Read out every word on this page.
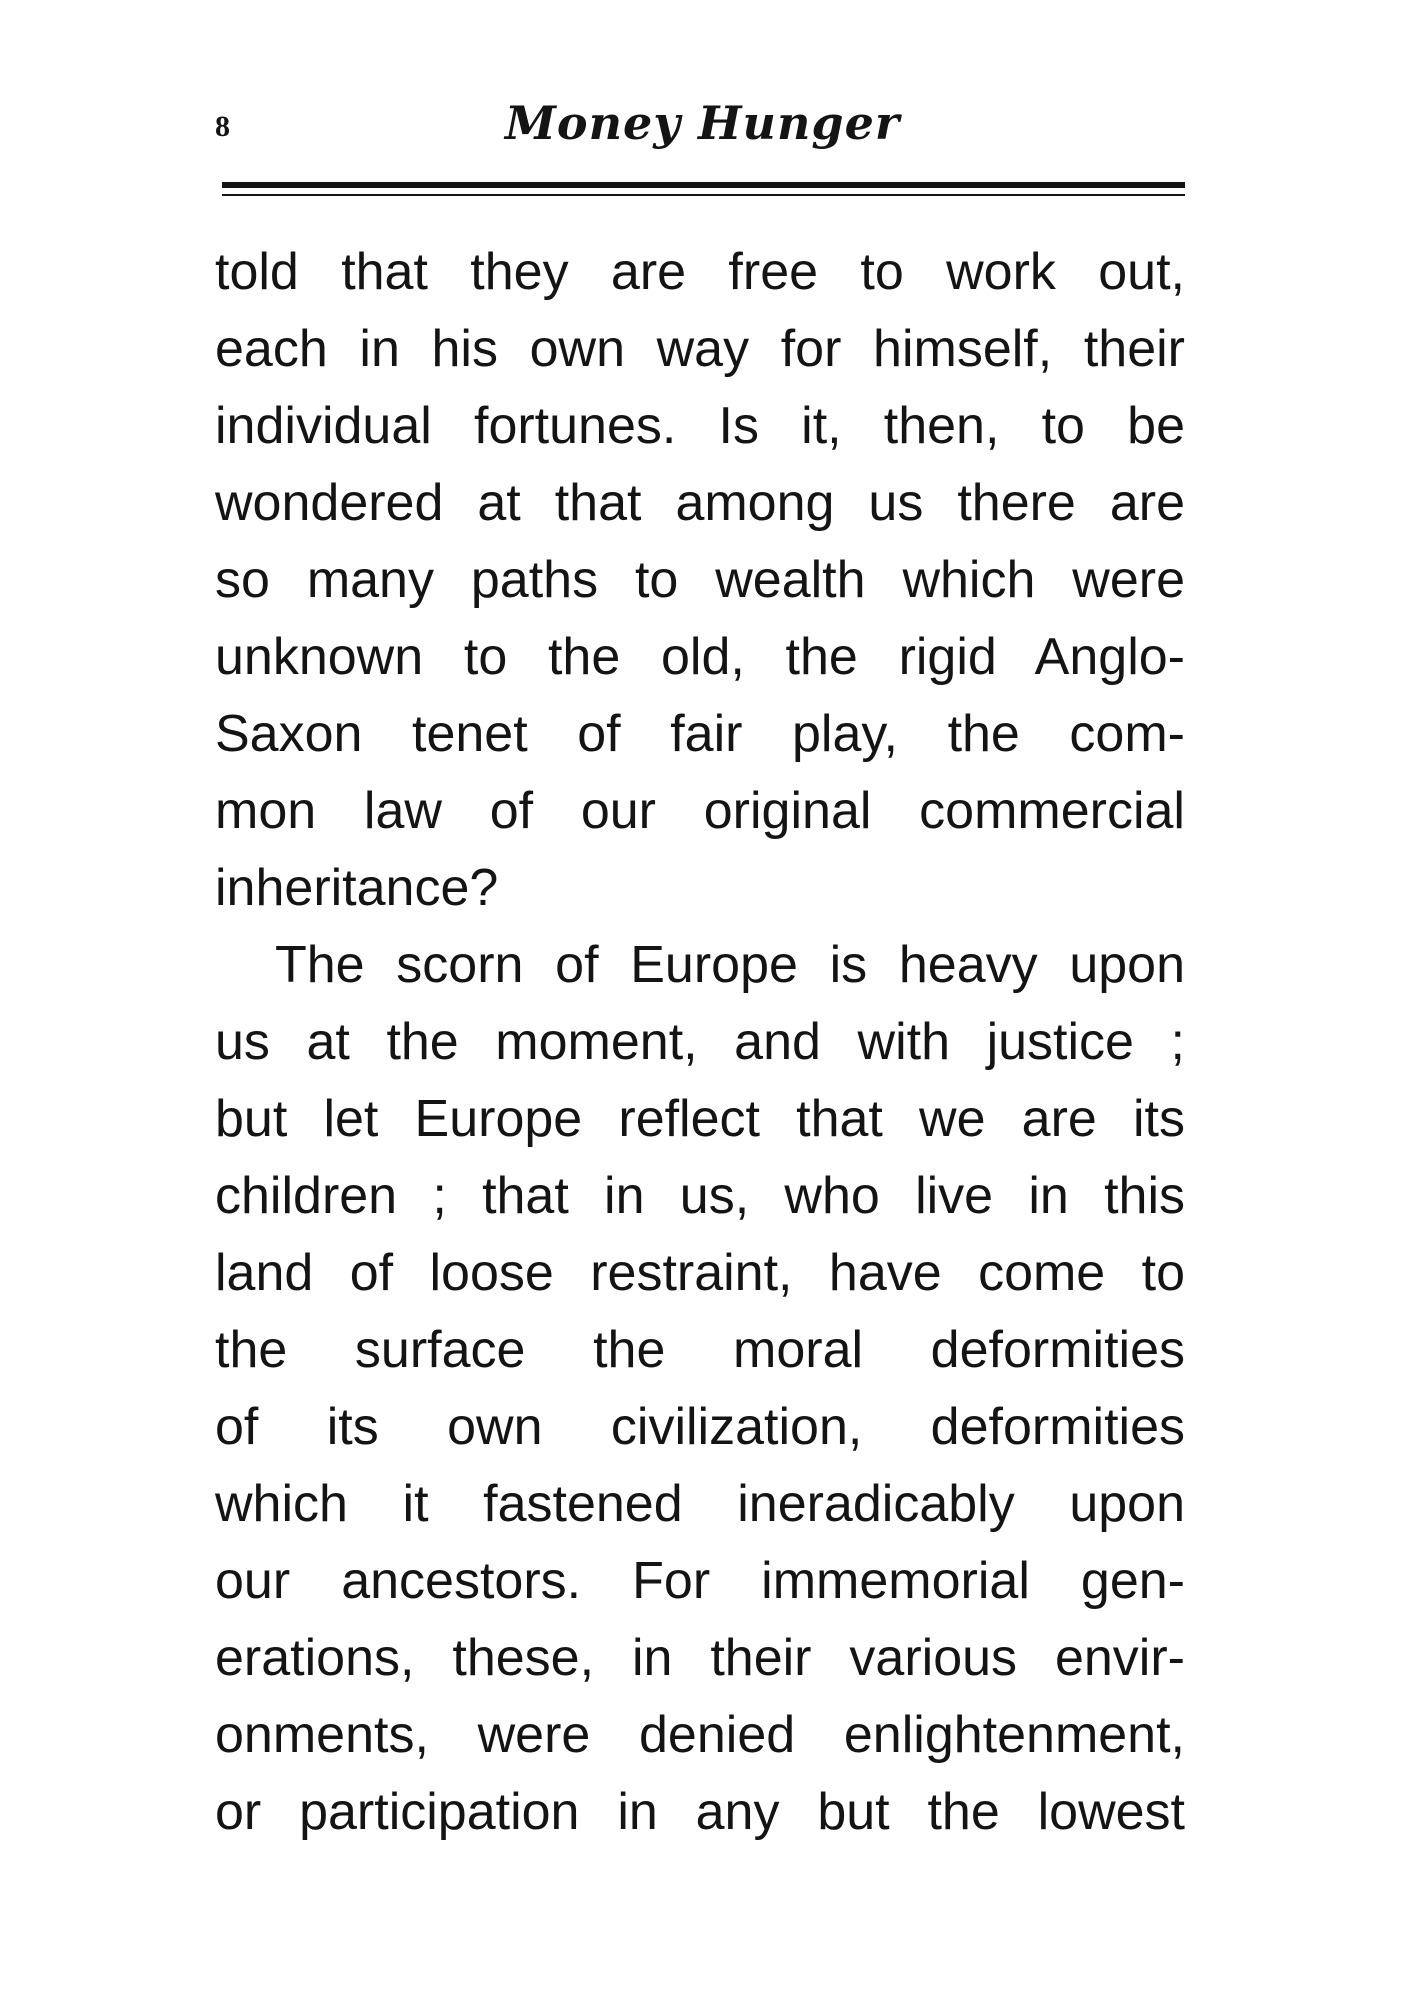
8	Money Hunger
told that they are free to work out,
each in his own way for himself, their
individual fortunes. Is it, then, to be
wondered at that among us there are
so many paths to wealth which were
unknown to the old, the rigid Anglo-
Saxon tenet of fair play, the com-
mon law of our original commercial
inheritance?
The scorn of Europe is heavy upon
us at the moment, and with justice ;
but let Europe reflect that we are its
children ; that in us, who live in this
land of loose restraint, have come to
the surface the moral deformities
of its own civilization, deformities
which it fastened ineradicably upon
our ancestors. For immemorial gen-
erations, these, in their various envir-
onments, were denied enlightenment,
or participation in any but the lowest
